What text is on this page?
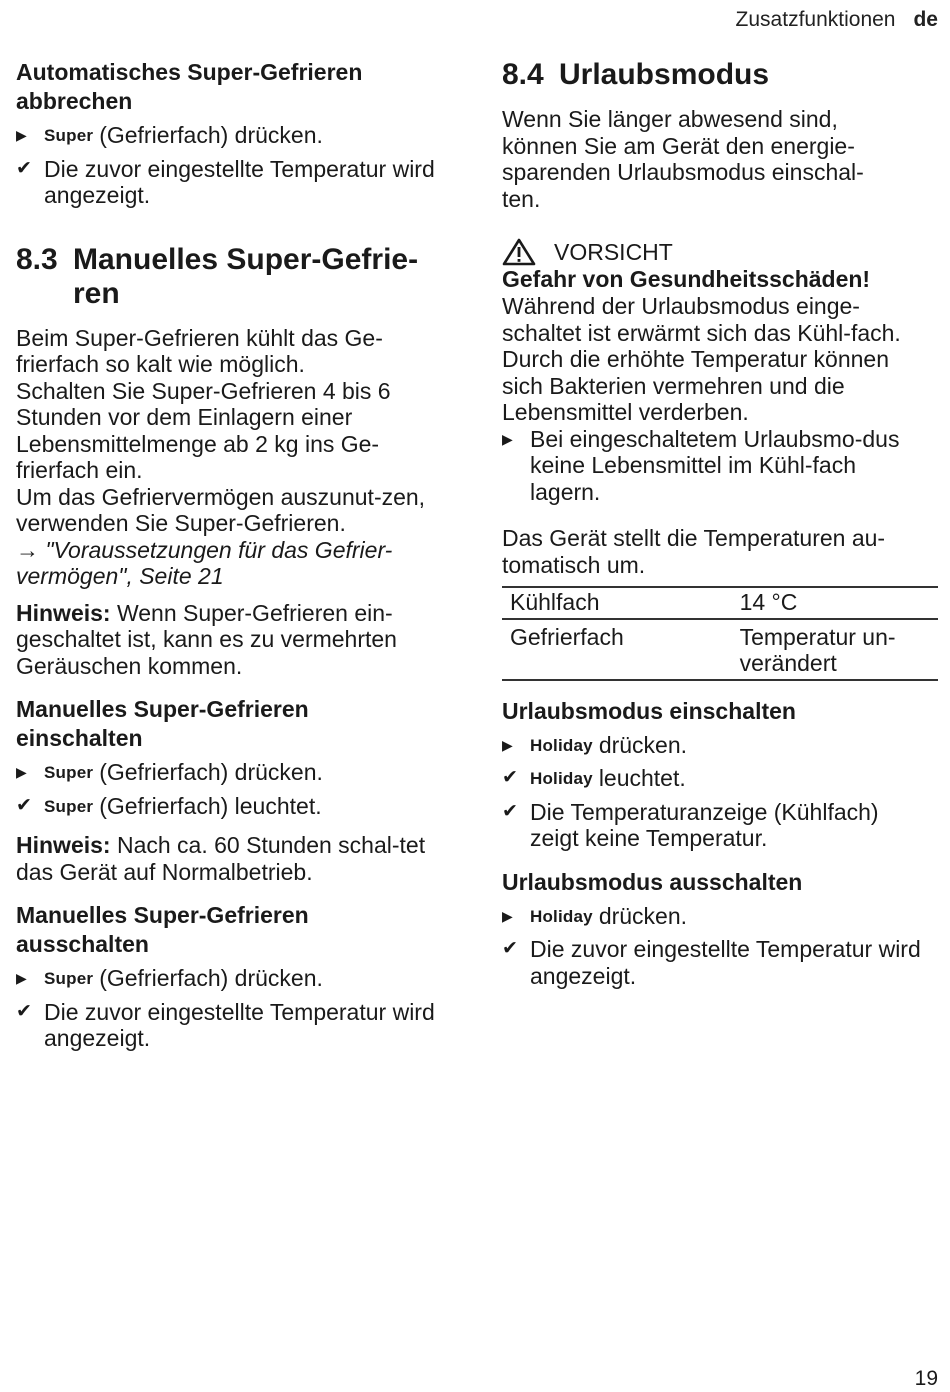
Zusatzfunktionen de
Automatisches Super-Gefrieren abbrechen
▶	Super (Gefrierfach) drücken.
✔ Die zuvor eingestellte Temperatur wird angezeigt.
8.3 Manuelles Super-Gefrie-ren

Beim Super-Gefrieren kühlt das Ge-frierfach so kalt wie möglich.

Schalten Sie Super-Gefrieren 4 bis 6 Stunden vor dem Einlagern einer Lebensmittelmenge ab 2 kg ins Ge-frierfach ein.

Um das Gefriervermögen auszunut-zen, verwenden Sie Super-Gefrieren.

→ "Voraussetzungen für das Gefrier-vermögen", Seite 21

Hinweis: Wenn Super-Gefrieren ein-geschaltet ist, kann es zu vermehrten Geräuschen kommen.

Manuelles Super-Gefrieren einschalten
▶	Super (Gefrierfach) drücken.
✔ Super (Gefrierfach) leuchtet.

Hinweis: Nach ca. 60 Stunden schal-tet das Gerät auf Normalbetrieb.

Manuelles Super-Gefrieren ausschalten
▶	Super (Gefrierfach) drücken.
✔ Die zuvor eingestellte Temperatur wird angezeigt.
8.4 Urlaubsmodus

Wenn Sie länger abwesend sind, können Sie am Gerät den energie-sparenden Urlaubsmodus einschal-ten.

VORSICHT
Gefahr von Gesundheitsschäden!

Während der Urlaubsmodus einge-schaltet ist erwärmt sich das Kühl-fach. Durch die erhöhte Temperatur können sich Bakterien vermehren und die Lebensmittel verderben.

▶ Bei eingeschaltetem Urlaubsmo-dus keine Lebensmittel im Kühl-fach lagern.

Das Gerät stellt die Temperaturen au-tomatisch um.

Kühlfach	14 °C
Gefrierfach	Temperatur un-verändert
Urlaubsmodus einschalten
▶	Holiday drücken.
✔ Holiday leuchtet.
✔ Die Temperaturanzeige (Kühlfach) zeigt keine Temperatur.
Urlaubsmodus ausschalten
▶	Holiday drücken.
✔ Die zuvor eingestellte Temperatur wird angezeigt.
19
